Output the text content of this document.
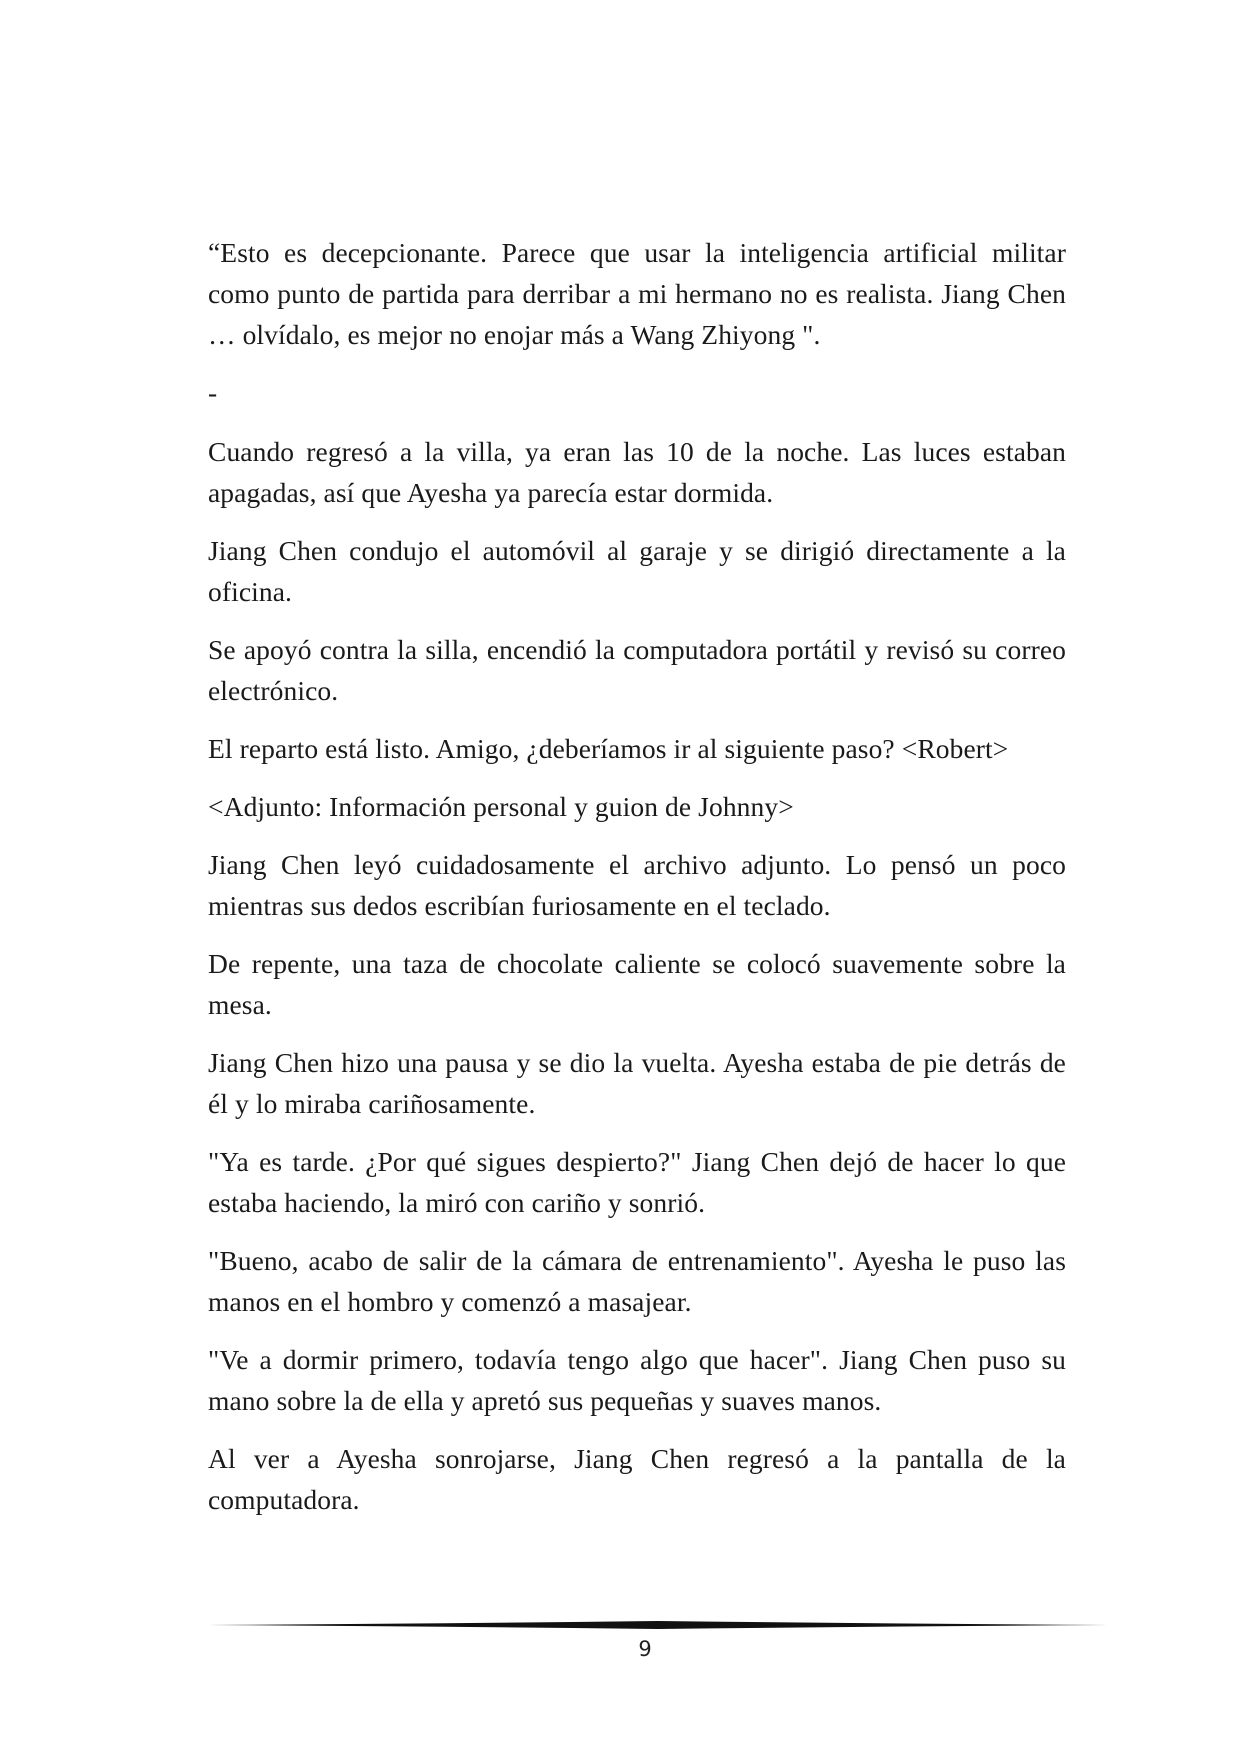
“Esto es decepcionante. Parece que usar la inteligencia artificial militar como punto de partida para derribar a mi hermano no es realista. Jiang Chen … olvídalo, es mejor no enojar más a Wang Zhiyong ".

-

Cuando regresó a la villa, ya eran las 10 de la noche. Las luces estaban apagadas, así que Ayesha ya parecía estar dormida.

Jiang Chen condujo el automóvil al garaje y se dirigió directamente a la oficina.

Se apoyó contra la silla, encendió la computadora portátil y revisó su correo electrónico.

El reparto está listo. Amigo, ¿deberíamos ir al siguiente paso? <Robert>

<Adjunto: Información personal y guion de Johnny>

Jiang Chen leyó cuidadosamente el archivo adjunto. Lo pensó un poco mientras sus dedos escribían furiosamente en el teclado.

De repente, una taza de chocolate caliente se colocó suavemente sobre la mesa.

Jiang Chen hizo una pausa y se dio la vuelta. Ayesha estaba de pie detrás de él y lo miraba cariñosamente.

"Ya es tarde. ¿Por qué sigues despierto?" Jiang Chen dejó de hacer lo que estaba haciendo, la miró con cariño y sonrió.

"Bueno, acabo de salir de la cámara de entrenamiento". Ayesha le puso las manos en el hombro y comenzó a masajear.

"Ve a dormir primero, todavía tengo algo que hacer". Jiang Chen puso su mano sobre la de ella y apretó sus pequeñas y suaves manos.

Al ver a Ayesha sonrojarse, Jiang Chen regresó a la pantalla de la computadora.

9
